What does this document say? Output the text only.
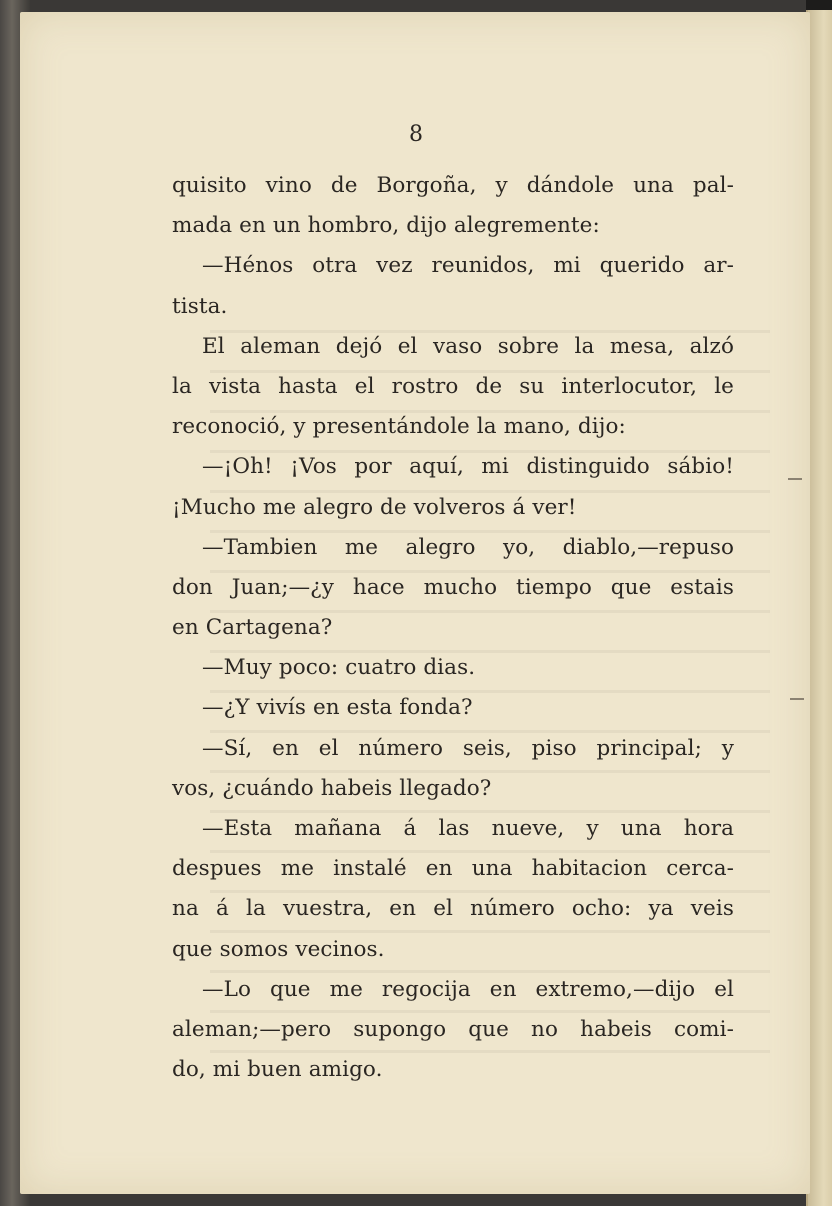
8
quisito vino de Borgoña, y dándole una pal-
mada en un hombro, dijo alegremente:
—Hénos otra vez reunidos, mi querido ar-
tista.
El aleman dejó el vaso sobre la mesa, alzó
la vista hasta el rostro de su interlocutor, le
reconoció, y presentándole la mano, dijo:
—¡Oh! ¡Vos por aquí, mi distinguido sábio!
¡Mucho me alegro de volveros á ver!
—Tambien me alegro yo, diablo,—repuso
don Juan;—¿y hace mucho tiempo que estais
en Cartagena?
—Muy poco: cuatro dias.
—¿Y vivís en esta fonda?
—Sí, en el número seis, piso principal; y
vos, ¿cuándo habeis llegado?
—Esta mañana á las nueve, y una hora
despues me instalé en una habitacion cerca-
na á la vuestra, en el número ocho: ya veis
que somos vecinos.
—Lo que me regocija en extremo,—dijo el
aleman;—pero supongo que no habeis comi-
do, mi buen amigo.
